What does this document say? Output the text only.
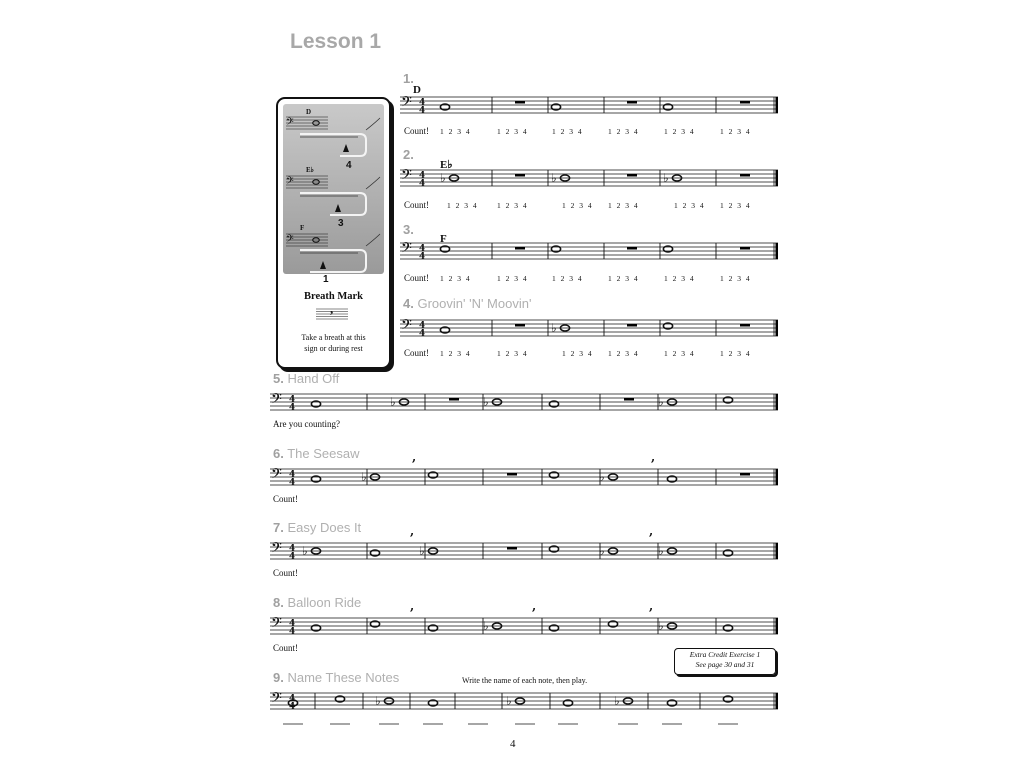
Lesson 1
D
E♭
F
4
3
1
Breath Mark
,
Take a breath at this
sign or during rest
𝄢 4
4
𝄢 4
4 ♭	♭	♭
𝄢 4
4
𝄢 4
4	♭
𝄢 4
4	♭	♭	♭
𝄢 4
4	♭
,
♭
,
𝄢 4
4 ♭	♭
,
♭
,
♭
𝄢 4
4
,
♭
,	,
♭
𝄢 4
4	♭	♭	♭
𝄢
𝄢
𝄢
1.
2.
3.
4. Groovin' 'N' Moovin'
5. Hand Off
6. The Seesaw
7. Easy Does It
8. Balloon Ride
9. Name These Notes
D
E♭
F
Count!
Count!
Count!
Count!
1 2 3 4	1 2 3 4	1 2 3 4	1 2 3 4	1 2 3 4	1 2 3 4
1 2 3 4	1 2 3 4	1 2 3 4 1 2 3 4	1 2 3 4 1 2 3 4
1 2 3 4	1 2 3 4	1 2 3 4	1 2 3 4	1 2 3 4	1 2 3 4
1 2 3 4	1 2 3 4	1 2 3 4 1 2 3 4	1 2 3 4	1 2 3 4
Are you counting?
Count!
Count!
Count!
Write the name of each note, then play.
Extra Credit Exercise 1
See page 30 and 31
4
